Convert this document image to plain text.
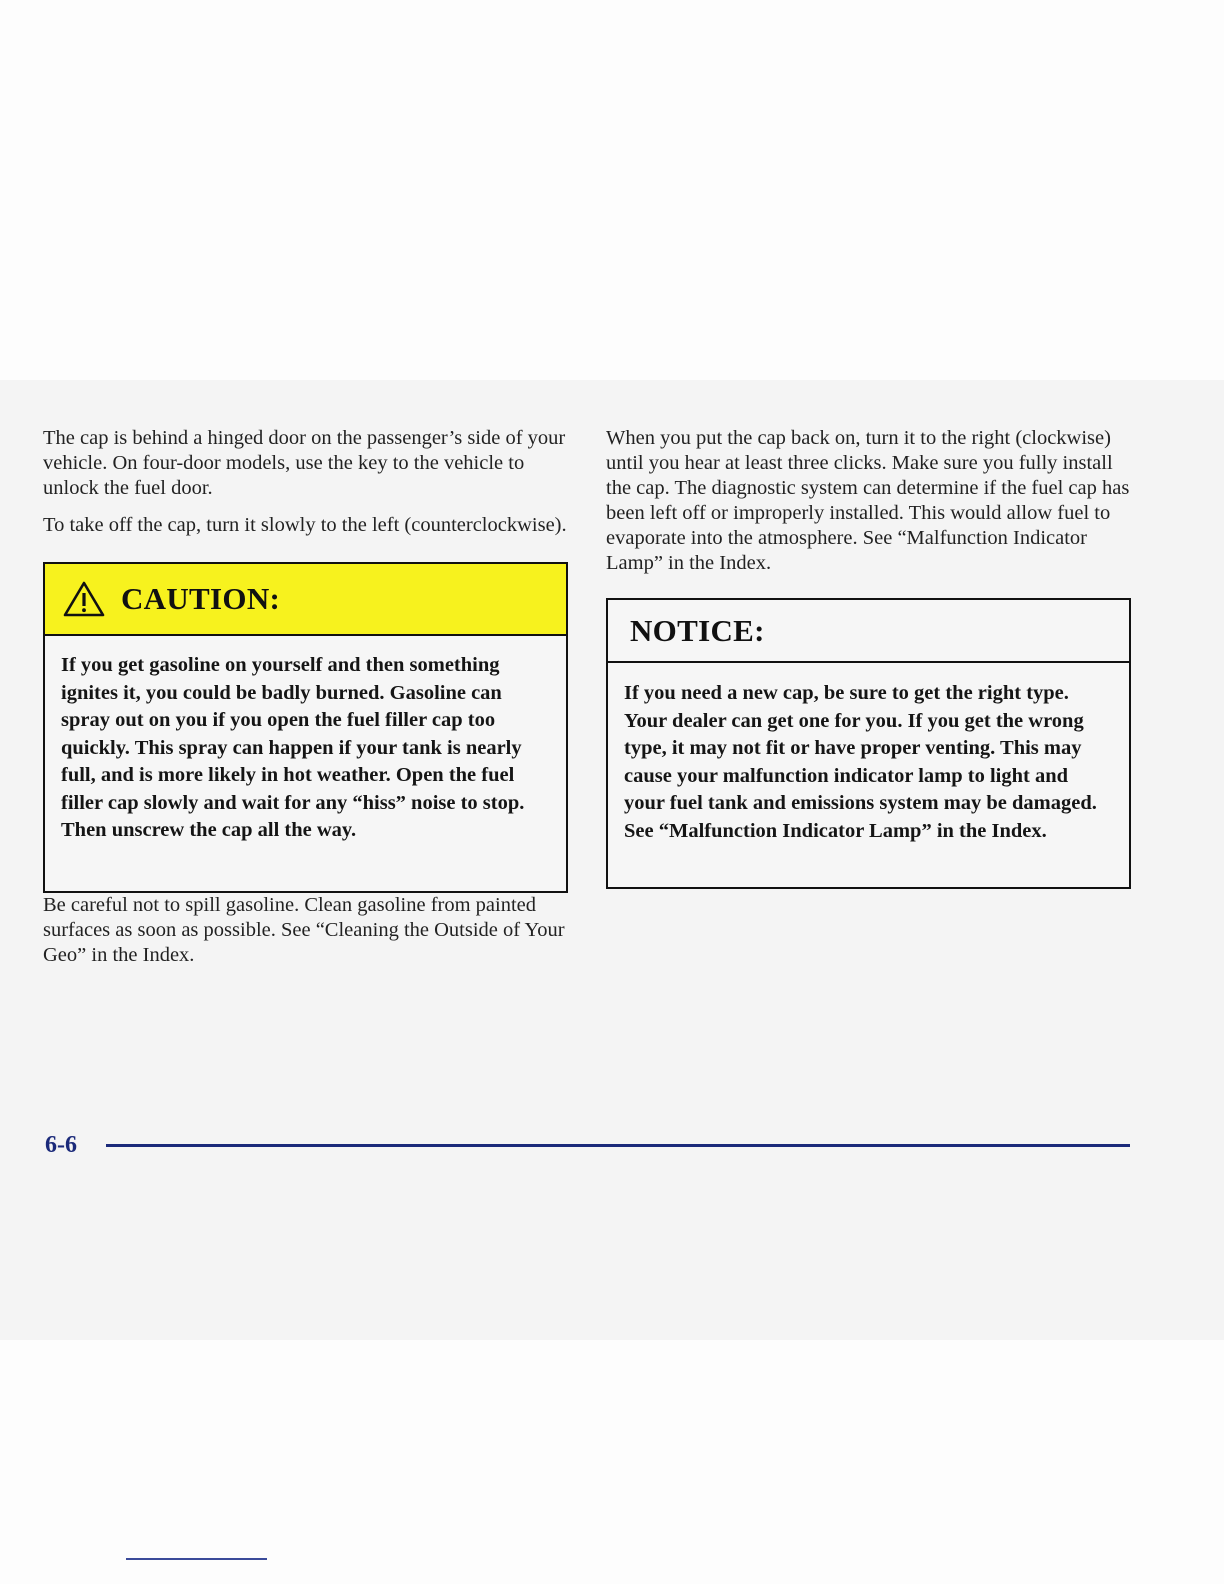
The cap is behind a hinged door on the passenger’s side of your vehicle. On four-door models, use the key to the vehicle to unlock the fuel door.

To take off the cap, turn it slowly to the left (counterclockwise).

CAUTION:
If you get gasoline on yourself and then something ignites it, you could be badly burned. Gasoline can spray out on you if you open the fuel filler cap too quickly. This spray can happen if your tank is nearly full, and is more likely in hot weather. Open the fuel filler cap slowly and wait for any “hiss” noise to stop. Then unscrew the cap all the way.

Be careful not to spill gasoline. Clean gasoline from painted surfaces as soon as possible. See “Cleaning the Outside of Your Geo” in the Index.

When you put the cap back on, turn it to the right (clockwise) until you hear at least three clicks. Make sure you fully install the cap. The diagnostic system can determine if the fuel cap has been left off or improperly installed. This would allow fuel to evaporate into the atmosphere. See “Malfunction Indicator Lamp” in the Index.

NOTICE:
If you need a new cap, be sure to get the right type. Your dealer can get one for you. If you get the wrong type, it may not fit or have proper venting. This may cause your malfunction indicator lamp to light and your fuel tank and emissions system may be damaged. See “Malfunction Indicator Lamp” in the Index.
6-6
